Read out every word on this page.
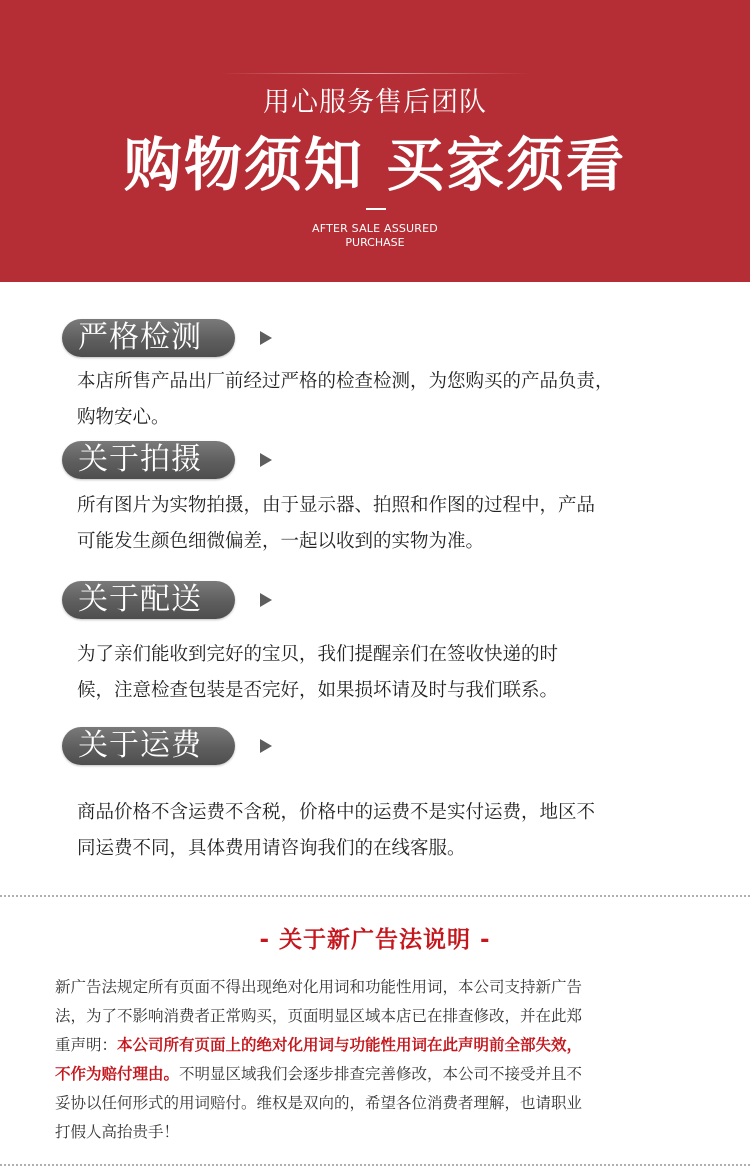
用心服务售后团队
购物须知 买家须看
AFTER SALE ASSURED
PURCHASE
严格检测
本店所售产品出厂前经过严格的检查检测，为您购买的产品负责，
购物安心。
关于拍摄
所有图片为实物拍摄，由于显示器、拍照和作图的过程中，产品
可能发生颜色细微偏差，一起以收到的实物为准。
关于配送
为了亲们能收到完好的宝贝，我们提醒亲们在签收快递的时
候，注意检查包装是否完好，如果损坏请及时与我们联系。
关于运费
商品价格不含运费不含税，价格中的运费不是实付运费，地区不
同运费不同，具体费用请咨询我们的在线客服。
- 关于新广告法说明 -
新广告法规定所有页面不得出现绝对化用词和功能性用词，本公司支持新广告
法，为了不影响消费者正常购买，页面明显区域本店已在排查修改，并在此郑
重声明：本公司所有页面上的绝对化用词与功能性用词在此声明前全部失效，
不作为赔付理由。不明显区域我们会逐步排查完善修改，本公司不接受并且不
妥协以任何形式的用词赔付。维权是双向的，希望各位消费者理解，也请职业
打假人高抬贵手！
